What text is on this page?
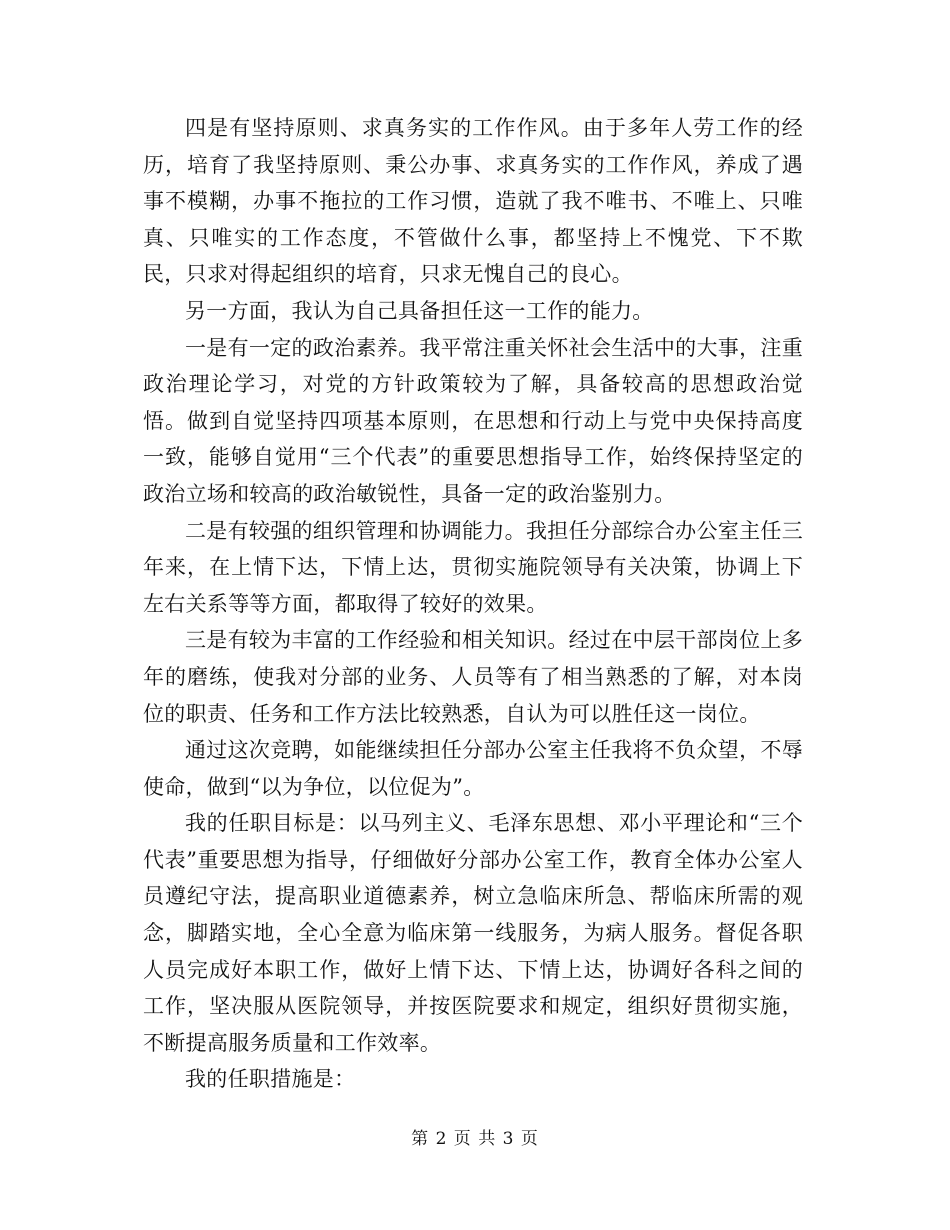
四是有坚持原则、求真务实的工作作风。由于多年人劳工作的经历，培育了我坚持原则、秉公办事、求真务实的工作作风，养成了遇事不模糊，办事不拖拉的工作习惯，造就了我不唯书、不唯上、只唯真、只唯实的工作态度，不管做什么事，都坚持上不愧党、下不欺民，只求对得起组织的培育，只求无愧自己的良心。

另一方面，我认为自己具备担任这一工作的能力。

一是有一定的政治素养。我平常注重关怀社会生活中的大事，注重政治理论学习，对党的方针政策较为了解，具备较高的思想政治觉悟。做到自觉坚持四项基本原则，在思想和行动上与党中央保持高度一致，能够自觉用“三个代表”的重要思想指导工作，始终保持坚定的政治立场和较高的政治敏锐性，具备一定的政治鉴别力。

二是有较强的组织管理和协调能力。我担任分部综合办公室主任三年来，在上情下达，下情上达，贯彻实施院领导有关决策，协调上下左右关系等等方面，都取得了较好的效果。

三是有较为丰富的工作经验和相关知识。经过在中层干部岗位上多年的磨练，使我对分部的业务、人员等有了相当熟悉的了解，对本岗位的职责、任务和工作方法比较熟悉，自认为可以胜任这一岗位。

通过这次竞聘，如能继续担任分部办公室主任我将不负众望，不辱使命，做到“以为争位，以位促为”。

我的任职目标是：以马列主义、毛泽东思想、邓小平理论和“三个代表”重要思想为指导，仔细做好分部办公室工作，教育全体办公室人员遵纪守法，提高职业道德素养，树立急临床所急、帮临床所需的观念，脚踏实地，全心全意为临床第一线服务，为病人服务。督促各职人员完成好本职工作，做好上情下达、下情上达，协调好各科之间的工作，坚决服从医院领导，并按医院要求和规定，组织好贯彻实施，不断提高服务质量和工作效率。

我的任职措施是：

第 2 页 共 3 页
